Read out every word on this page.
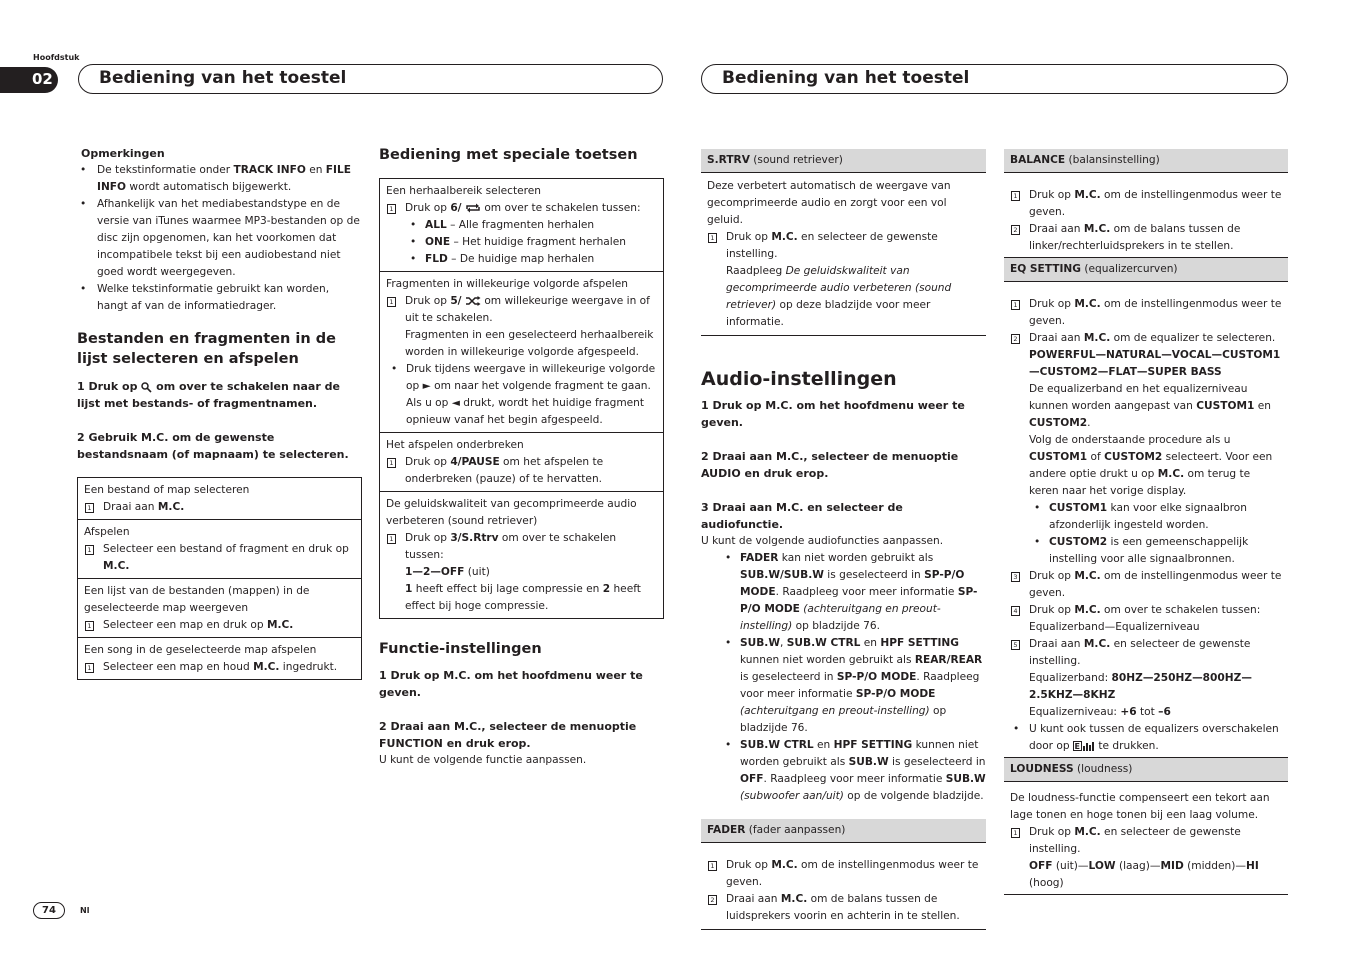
Hoofdstuk
02	Bediening van het toestel	Bediening van het toestel
Opmerkingen
• De tekstinformatie onder TRACK INFO en FILE INFO wordt automatisch bijgewerkt.
• Afhankelijk van het mediabestandstype en de versie van iTunes waarmee MP3-bestanden op de disc zijn opgenomen, kan het voorkomen dat incompatibele tekst bij een audiobestand niet goed wordt weergegeven.
• Welke tekstinformatie gebruikt kan worden, hangt af van de informatiedrager.
Bestanden en fragmenten in de lijst selecteren en afspelen
1 Druk op om over te schakelen naar de lijst met bestands- of fragmentnamen.
2 Gebruik M.C. om de gewenste bestandsnaam (of mapnaam) te selecteren.
Een bestand of map selecteren
1 Draai aan M.C.
Afspelen
1 Selecteer een bestand of fragment en druk op M.C.
Een lijst van de bestanden (mappen) in de geselecteerde map weergeven
1 Selecteer een map en druk op M.C.
Een song in de geselecteerde map afspelen
1 Selecteer een map en houd M.C. ingedrukt.
Bediening met speciale toetsen
Een herhaalbereik selecteren
1 Druk op 6/  om over te schakelen tussen:
• ALL – Alle fragmenten herhalen
• ONE – Het huidige fragment herhalen
• FLD – De huidige map herhalen
Fragmenten in willekeurige volgorde afspelen
1 Druk op 5/  om willekeurige weergave in of uit te schakelen.
Fragmenten in een geselecteerd herhaalbereik worden in willekeurige volgorde afgespeeld.
• Druk tijdens weergave in willekeurige volgorde op ► om naar het volgende fragment te gaan. Als u op ◄ drukt, wordt het huidige fragment opnieuw vanaf het begin afgespeeld.
Het afspelen onderbreken
1 Druk op 4/PAUSE om het afspelen te onderbreken (pauze) of te hervatten.
De geluidskwaliteit van gecomprimeerde audio verbeteren (sound retriever)
1 Druk op 3/S.Rtrv om over te schakelen tussen:
1—2—OFF (uit)
1 heeft effect bij lage compressie en 2 heeft effect bij hoge compressie.
Functie-instellingen
1 Druk op M.C. om het hoofdmenu weer te geven.
2 Draai aan M.C., selecteer de menuoptie FUNCTION en druk erop.
U kunt de volgende functie aanpassen.
S.RTRV (sound retriever)
Deze verbetert automatisch de weergave van gecomprimeerde audio en zorgt voor een vol geluid.
1 Druk op M.C. en selecteer de gewenste instelling.
Raadpleeg De geluidskwaliteit van gecomprimeerde audio verbeteren (sound retriever) op deze bladzijde voor meer informatie.
Audio-instellingen
1 Druk op M.C. om het hoofdmenu weer te geven.
2 Draai aan M.C., selecteer de menuoptie AUDIO en druk erop.
3 Draai aan M.C. en selecteer de audiofunctie.
U kunt de volgende audiofuncties aanpassen.
• FADER kan niet worden gebruikt als SUB.W/SUB.W is geselecteerd in SP-P/O MODE. Raadpleeg voor meer informatie SP-P/O MODE (achteruitgang en preout-instelling) op bladzijde 76.
• SUB.W, SUB.W CTRL en HPF SETTING kunnen niet worden gebruikt als REAR/REAR is geselecteerd in SP-P/O MODE. Raadpleeg voor meer informatie SP-P/O MODE (achteruitgang en preout-instelling) op bladzijde 76.
• SUB.W CTRL en HPF SETTING kunnen niet worden gebruikt als SUB.W is geselecteerd in OFF. Raadpleeg voor meer informatie SUB.W (subwoofer aan/uit) op de volgende bladzijde.
FADER (fader aanpassen)
1 Druk op M.C. om de instellingenmodus weer te geven.
2 Draai aan M.C. om de balans tussen de luidsprekers voorin en achterin in te stellen.
BALANCE (balansinstelling)
1 Druk op M.C. om de instellingenmodus weer te geven.
2 Draai aan M.C. om de balans tussen de linker/rechterluidsprekers in te stellen.
EQ SETTING (equalizercurven)
1 Druk op M.C. om de instellingenmodus weer te geven.
2 Draai aan M.C. om de equalizer te selecteren.
POWERFUL—NATURAL—VOCAL—CUSTOM1—CUSTOM2—FLAT—SUPER BASS
De equalizerband en het equalizerniveau kunnen worden aangepast van CUSTOM1 en CUSTOM2.
Volg de onderstaande procedure als u CUSTOM1 of CUSTOM2 selecteert. Voor een andere optie drukt u op M.C. om terug te keren naar het vorige display.
• CUSTOM1 kan voor elke signaalbron afzonderlijk ingesteld worden.
• CUSTOM2 is een gemeenschappelijk instelling voor alle signaalbronnen.
3 Druk op M.C. om de instellingenmodus weer te geven.
4 Druk op M.C. om over te schakelen tussen:
Equalizerband—Equalizerniveau
5 Draai aan M.C. en selecteer de gewenste instelling.
Equalizerband: 80HZ—250HZ—800HZ—2.5KHZ—8KHZ
Equalizerniveau: +6 tot –6
• U kunt ook tussen de equalizers overschakelen door op E te drukken.
LOUDNESS (loudness)
De loudness-functie compenseert een tekort aan lage tonen en hoge tonen bij een laag volume.
1 Druk op M.C. en selecteer de gewenste instelling.
OFF (uit)—LOW (laag)—MID (midden)—HI (hoog)
74	Nl
